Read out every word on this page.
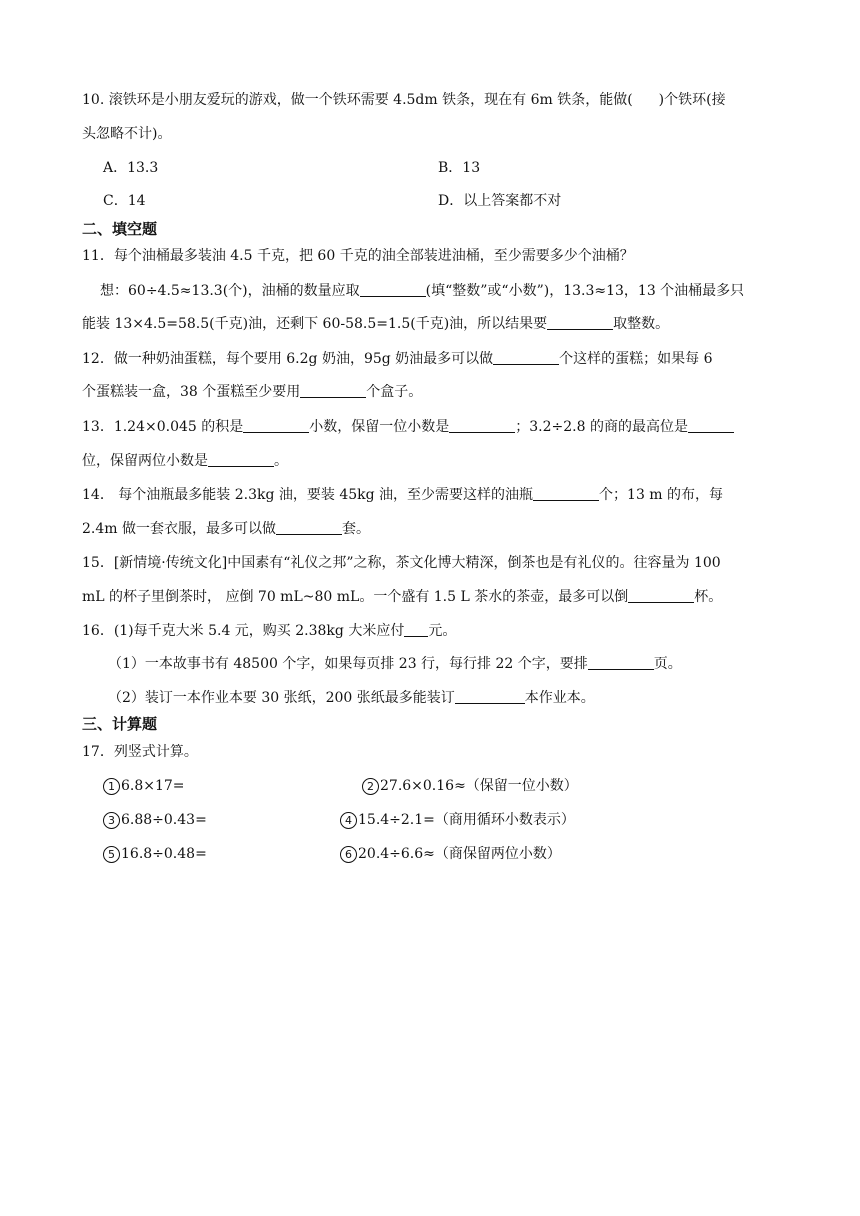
10. 滚铁环是小朋友爱玩的游戏，做一个铁环需要 4.5dm 铁条，现在有 6m 铁条，能做( )个铁环(接
头忽略不计)。
A．13.3	B．13
C．14	D．以上答案都不对
二、填空题
11．每个油桶最多装油 4.5 千克，把 60 千克的油全部装进油桶，至少需要多少个油桶？
想：60÷4.5≈13.3(个)，油桶的数量应取	(填“整数”或“小数”)，13.3≈13，13 个油桶最多只
能装 13×4.5=58.5(千克)油，还剩下 60-58.5=1.5(千克)油，所以结果要	取整数。
12．做一种奶油蛋糕，每个要用 6.2g 奶油，95g 奶油最多可以做	个这样的蛋糕；如果每 6
个蛋糕装一盒，38 个蛋糕至少要用	个盒子。
13．1.24×0.045 的积是	小数，保留一位小数是	；3.2÷2.8 的商的最高位是
位，保留两位小数是	。
14． 每个油瓶最多能装 2.3kg 油，要装 45kg 油，至少需要这样的油瓶	个；13 m 的布，每
2.4m 做一套衣服，最多可以做	套。
15．[新情境·传统文化]中国素有“礼仪之邦”之称，茶文化博大精深，倒茶也是有礼仪的。往容量为 100
mL 的杯子里倒茶时， 应倒 70 mL~80 mL。一个盛有 1.5 L 茶水的茶壶，最多可以倒	杯。
16．(1)每千克大米 5.4 元，购买 2.38kg 大米应付 元。
（1）一本故事书有 48500 个字，如果每页排 23 行，每行排 22 个字，要排	页。
（2）装订一本作业本要 30 张纸，200 张纸最多能装订	本作业本。
三、计算题
17．列竖式计算。
1 6.8×17=	2 27.6×0.16≈（保留一位小数）
3 6.88÷0.43=	4 15.4÷2.1=（商用循环小数表示）
5 16.8÷0.48=	6 20.4÷6.6≈（商保留两位小数）
